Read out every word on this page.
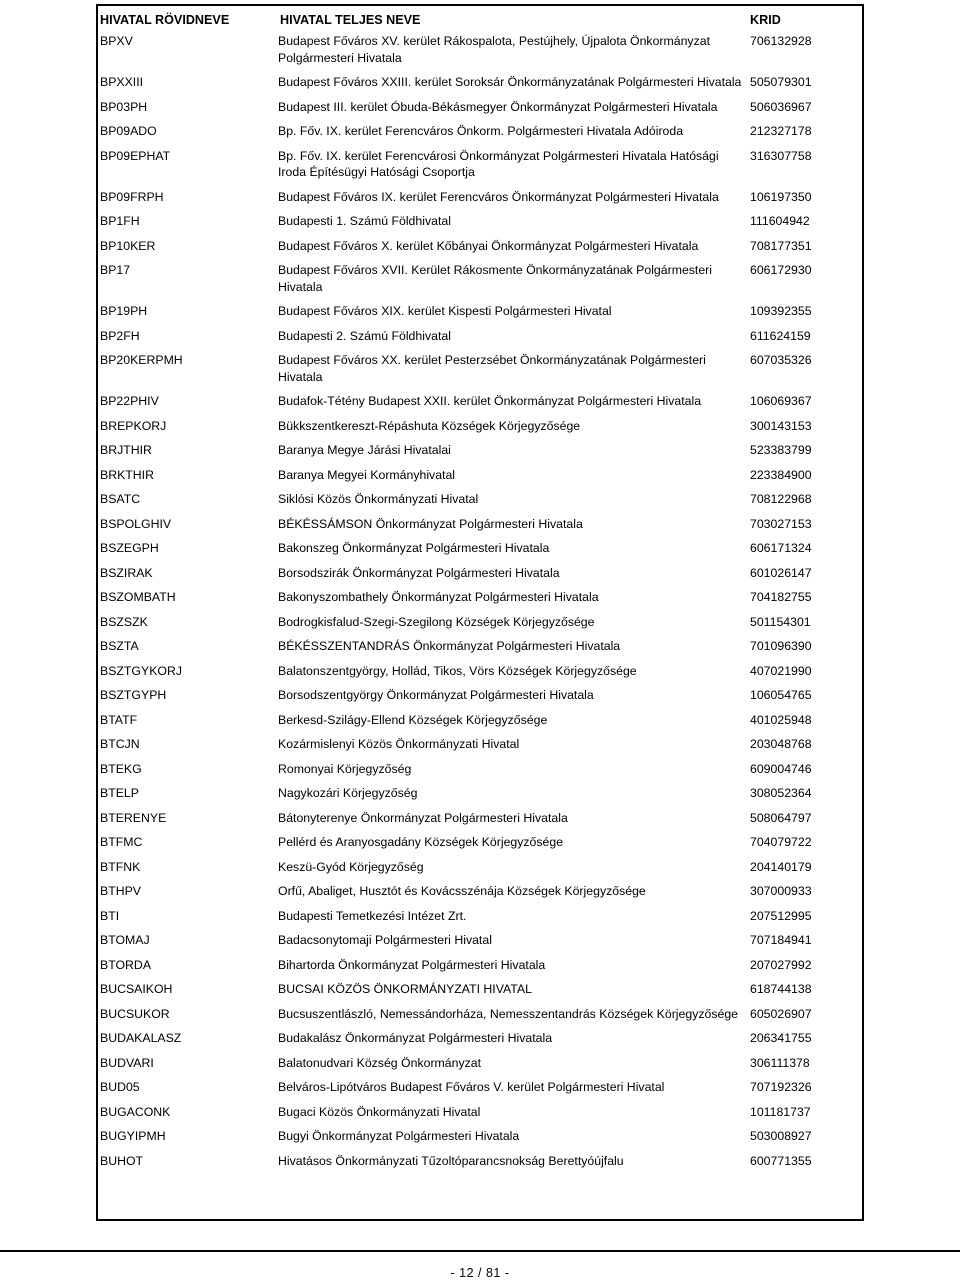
HIVATAL RÖVIDNEVE	HIVATAL TELJES NEVE	KRID
BPXV	Budapest Főváros XV. kerület Rákospalota, Pestújhely, Újpalota Önkormányzat Polgármesteri Hivatala	706132928
BPXXIII	Budapest Főváros XXIII. kerület Soroksár Önkormányzatának Polgármesteri Hivatala	505079301
BP03PH	Budapest III. kerület Óbuda-Békásmegyer Önkormányzat Polgármesteri Hivatala	506036967
BP09ADO	Bp. Főv. IX. kerület Ferencváros Önkorm. Polgármesteri Hivatala Adóiroda	212327178
BP09EPHAT	Bp. Főv. IX. kerület Ferencvárosi Önkormányzat Polgármesteri Hivatala Hatósági Iroda Építésügyi Hatósági Csoportja	316307758
BP09FRPH	Budapest Főváros IX. kerület Ferencváros Önkormányzat Polgármesteri Hivatala	106197350
BP1FH	Budapesti 1. Számú Földhivatal	111604942
BP10KER	Budapest Főváros X. kerület Kőbányai Önkormányzat Polgármesteri Hivatala	708177351
BP17	Budapest Főváros XVII. Kerület Rákosmente Önkormányzatának Polgármesteri Hivatala	606172930
BP19PH	Budapest Főváros XIX. kerület Kispesti Polgármesteri Hivatal	109392355
BP2FH	Budapesti 2. Számú Földhivatal	611624159
BP20KERPMH	Budapest Főváros XX. kerület Pesterzsébet Önkormányzatának Polgármesteri Hivatala	607035326
BP22PHIV	Budafok-Tétény Budapest XXII. kerület Önkormányzat Polgármesteri Hivatala	106069367
BREPKORJ	Bükkszentkereszt-Répáshuta Községek Körjegyzősége	300143153
BRJTHIR	Baranya Megye Járási Hivatalai	523383799
BRKTHIR	Baranya Megyei Kormányhivatal	223384900
BSATC	Siklósi Közös Önkormányzati Hivatal	708122968
BSPOLGHIV	BÉKÉSSÁMSON Önkormányzat Polgármesteri Hivatala	703027153
BSZEGPH	Bakonszeg Önkormányzat Polgármesteri Hivatala	606171324
BSZIRAK	Borsodszirák Önkormányzat Polgármesteri Hivatala	601026147
BSZOMBATH	Bakonyszombathely Önkormányzat Polgármesteri Hivatala	704182755
BSZSZK	Bodrogkisfalud-Szegi-Szegilong Községek Körjegyzősége	501154301
BSZTA	BÉKÉSSZENTANDRÁS Önkormányzat Polgármesteri Hivatala	701096390
BSZTGYKORJ	Balatonszentgyörgy, Hollád, Tikos, Vörs Községek Körjegyzősége	407021990
BSZTGYPH	Borsodszentgyörgy Önkormányzat Polgármesteri Hivatala	106054765
BTATF	Berkesd-Szilágy-Ellend Községek Körjegyzősége	401025948
BTCJN	Kozármislenyi Közös Önkormányzati Hivatal	203048768
BTEKG	Romonyai Körjegyzőség	609004746
BTELP	Nagykozári Körjegyzőség	308052364
BTERENYE	Bátonyterenye Önkormányzat Polgármesteri Hivatala	508064797
BTFMC	Pellérd és Aranyosgadány Községek Körjegyzősége	704079722
BTFNK	Keszü-Gyód Körjegyzőség	204140179
BTHPV	Orfű, Abaliget, Husztót és Kovácsszénája Községek Körjegyzősége	307000933
BTI	Budapesti Temetkezési Intézet Zrt.	207512995
BTOMAJ	Badacsonytomaji Polgármesteri Hivatal	707184941
BTORDA	Bihartorda Önkormányzat Polgármesteri Hivatala	207027992
BUCSAIKOH	BUCSAI KÖZÖS ÖNKORMÁNYZATI HIVATAL	618744138
BUCSUKOR	Bucsuszentlászló, Nemessándorháza, Nemesszentandrás Községek Körjegyzősége	605026907
BUDAKALASZ	Budakalász Önkormányzat Polgármesteri Hivatala	206341755
BUDVARI	Balatonudvari Község Önkormányzat	306111378
BUD05	Belváros-Lipótváros Budapest Főváros V. kerület Polgármesteri Hivatal	707192326
BUGACONK	Bugaci Közös Önkormányzati Hivatal	101181737
BUGYIPMH	Bugyi Önkormányzat Polgármesteri Hivatala	503008927
BUHOT	Hivatásos Önkormányzati Tűzoltóparancsnokság Berettyóújfalu	600771355
- 12 / 81 -
